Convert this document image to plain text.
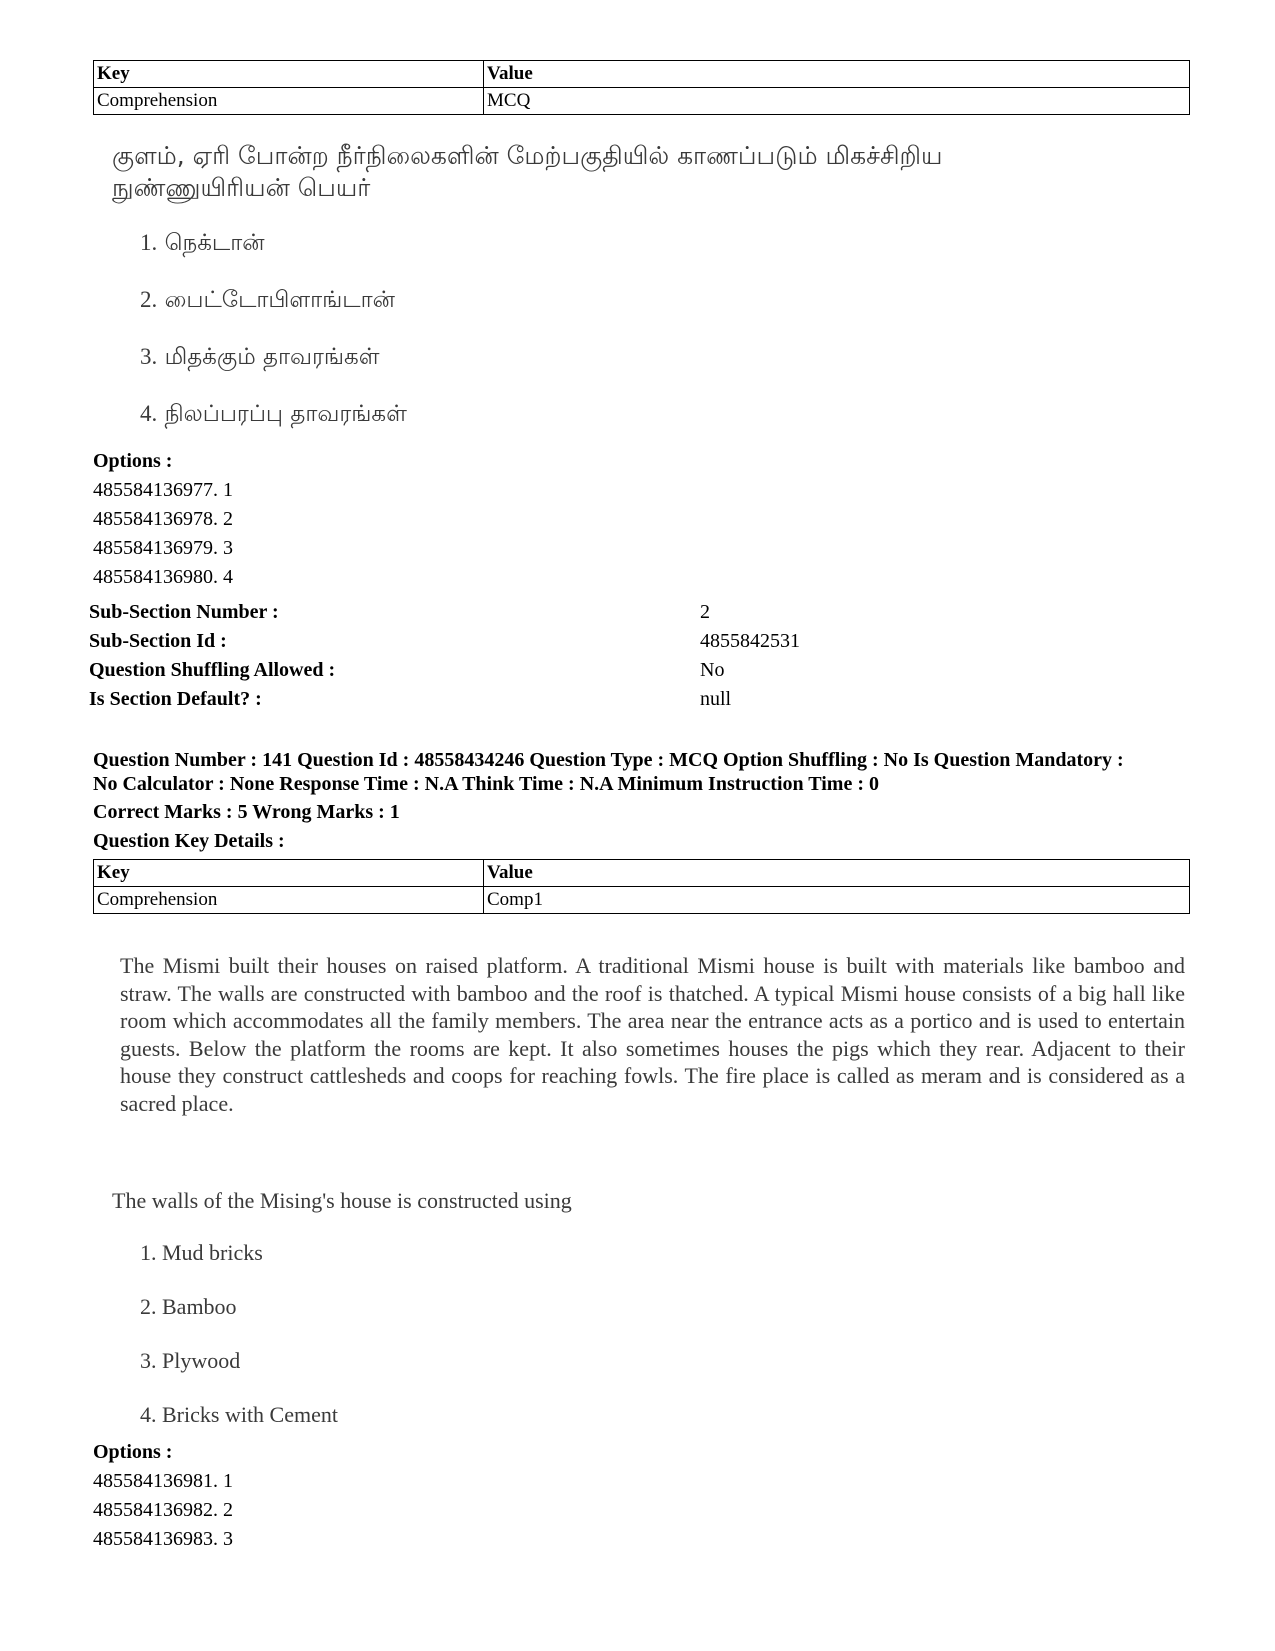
Key	Value
Comprehension	MCQ
குளம், ஏரி போன்ற நீர்நிலைகளின் மேற்பகுதியில் காணப்படும் மிகச்சிறிய நுண்ணுயிரியன் பெயர்
1. நெக்டான்
2. பைட்டோபிளாங்டான்
3. மிதக்கும் தாவரங்கள்
4. நிலப்பரப்பு தாவரங்கள்
Options :
485584136977. 1
485584136978. 2
485584136979. 3
485584136980. 4
Sub-Section Number :	2
Sub-Section Id :	4855842531
Question Shuffling Allowed :	No
Is Section Default? :	null
Question Number : 141 Question Id : 48558434246 Question Type : MCQ Option Shuffling : No Is Question Mandatory :
No Calculator : None Response Time : N.A Think Time : N.A Minimum Instruction Time : 0
Correct Marks : 5 Wrong Marks : 1
Question Key Details :
Key	Value
Comprehension	Comp1
The Mismi built their houses on raised platform. A traditional Mismi house is built with materials like bamboo and straw. The walls are constructed with bamboo and the roof is thatched. A typical Mismi house consists of a big hall like room which accommodates all the family members. The area near the entrance acts as a portico and is used to entertain guests. Below the platform the rooms are kept. It also sometimes houses the pigs which they rear. Adjacent to their house they construct cattlesheds and coops for reaching fowls. The fire place is called as meram and is considered as a sacred place.
The walls of the Mising's house is constructed using
1. Mud bricks
2. Bamboo
3. Plywood
4. Bricks with Cement
Options :
485584136981. 1
485584136982. 2
485584136983. 3
